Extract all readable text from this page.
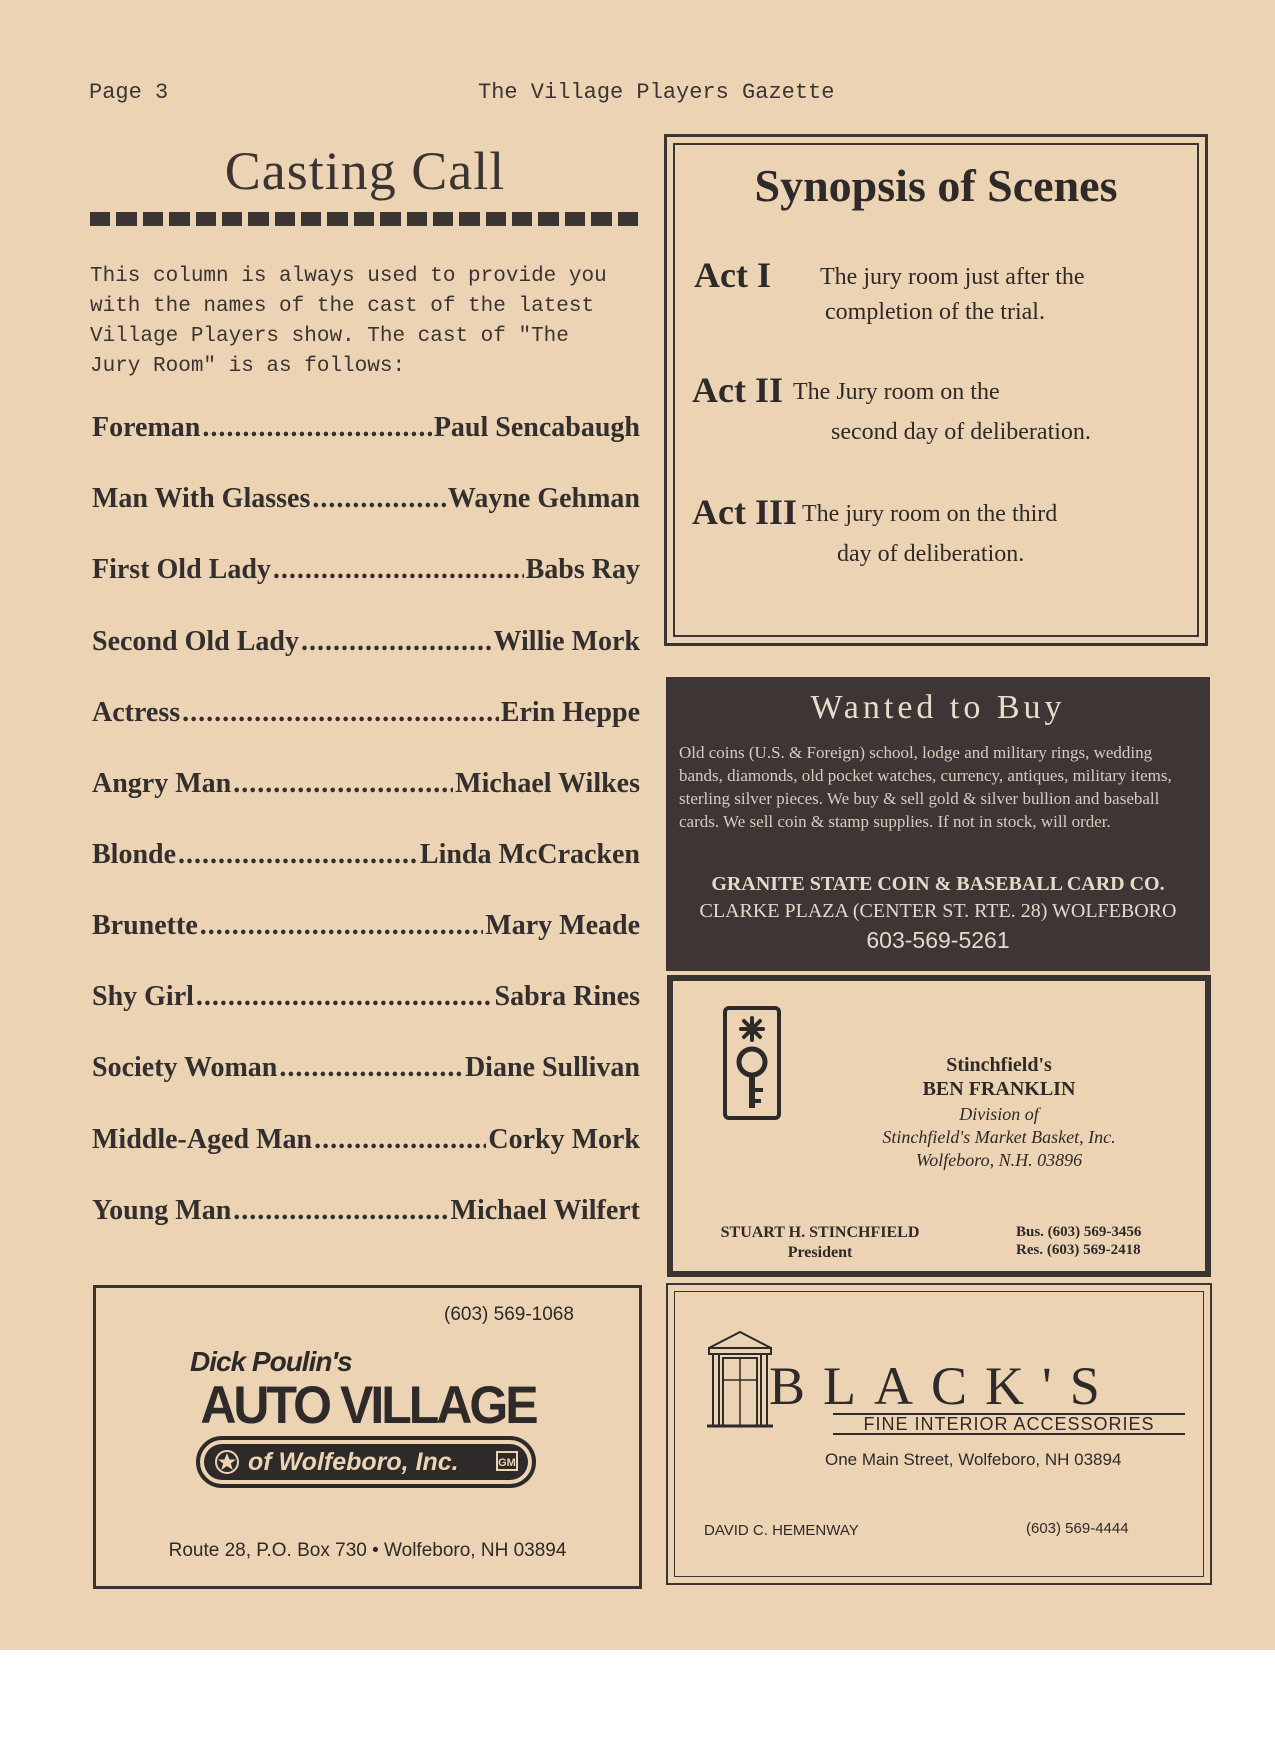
Page 3	The Village Players Gazette
Casting Call
This column is always used to provide you
with the names of the cast of the latest
Village Players show. The cast of "The
Jury Room" is as follows:
Foreman .....	Paul Sencabaugh
Man With Glasses .....	Wayne Gehman
First Old Lady .....	Babs Ray
Second Old Lady .....	Willie Mork
Actress .....	Erin Heppe
Angry Man .....	Michael Wilkes
Blonde .....	Linda McCracken
Brunette .....	Mary Meade
Shy Girl .....	Sabra Rines
Society Woman .....	Diane Sullivan
Middle-Aged Man .....	Corky Mork
Young Man .....	Michael Wilfert
Synopsis of Scenes
Act I The jury room just after the
completion of the trial.
Act II The Jury room on the
second day of deliberation.
Act III The jury room on the third
day of deliberation.
Wanted to Buy
Old coins (U.S. & Foreign) school, lodge and military rings, wedding bands, diamonds, old pocket watches, currency, antiques, military items, sterling silver pieces. We buy & sell gold & silver bullion and baseball cards. We sell coin & stamp supplies. If not in stock, will order.
GRANITE STATE COIN & BASEBALL CARD CO.
CLARKE PLAZA (CENTER ST. RTE. 28) WOLFEBORO
603-569-5261
Stinchfield's
BEN FRANKLIN
Division of
Stinchfield's Market Basket, Inc.
Wolfeboro, N.H. 03896
STUART H. STINCHFIELD
President
Bus. (603) 569-3456
Res. (603) 569-2418
(603) 569-1068
Dick Poulin's
AUTO VILLAGE
of Wolfeboro, Inc.	GM
Route 28, P.O. Box 730 • Wolfeboro, NH 03894
BLACK'S
FINE INTERIOR ACCESSORIES
One Main Street, Wolfeboro, NH 03894
DAVID C. HEMENWAY	(603) 569-4444
